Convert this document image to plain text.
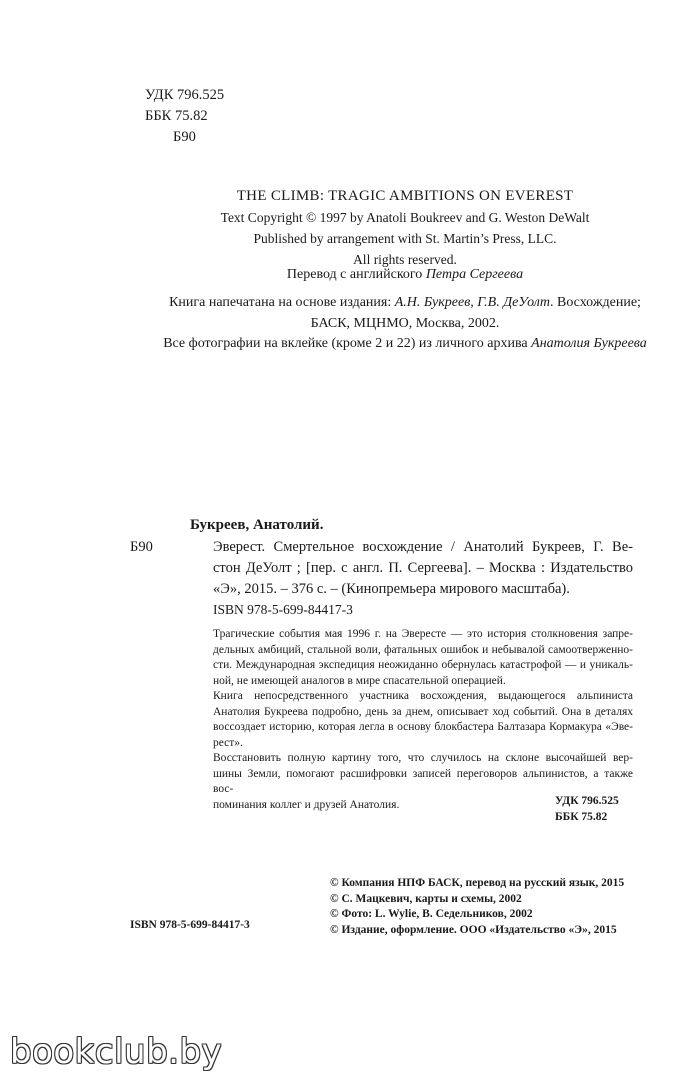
УДК 796.525
ББК 75.82
Б90
THE CLIMB: TRAGIC AMBITIONS ON EVEREST
Text Copyright © 1997 by Anatoli Boukreev and G. Weston DeWalt
Published by arrangement with St. Martin’s Press, LLC.
All rights reserved.
Перевод с английского Петра Сергеева
Книга напечатана на основе издания: А.Н. Букреев, Г.В. ДеУолт. Восхождение;
БАСК, МЦНМО, Москва, 2002.
Все фотографии на вклейке (кроме 2 и 22) из личного архива Анатолия Букреева
Букреев, Анатолий.
Б90	Эверест. Смертельное восхождение / Анатолий Букреев, Г. Ве-
стон ДеУолт ; [пер. с англ. П. Сергеева]. – Москва : Издательство
«Э», 2015. – 376 с. – (Кинопремьера мирового масштаба).
ISBN 978-5-699-84417-3
Трагические события мая 1996 г. на Эвересте — это история столкновения запре-
дельных амбиций, стальной воли, фатальных ошибок и небывалой самоотверженно-
сти. Международная экспедиция неожиданно обернулась катастрофой — и уникаль-
ной, не имеющей аналогов в мире спасательной операцией.
Книга непосредственного участника восхождения, выдающегося альпиниста
Анатолия Букреева подробно, день за днем, описывает ход событий. Она в деталях
воссоздает историю, которая легла в основу блокбастера Балтазара Кормакура «Эве-
рест».
Восстановить полную картину того, что случилось на склоне высочайшей вер-
шины Земли, помогают расшифровки записей переговоров альпинистов, а также вос-
поминания коллег и друзей Анатолия.	УДК 796.525
ББК 75.82
ISBN 978-5-699-84417-3
© Компания НПФ БАСК, перевод на русский язык, 2015
© С. Мацкевич, карты и схемы, 2002
© Фото: L. Wylie, В. Седельников, 2002
© Издание, оформление. ООО «Издательство «Э», 2015
bookclub.by
